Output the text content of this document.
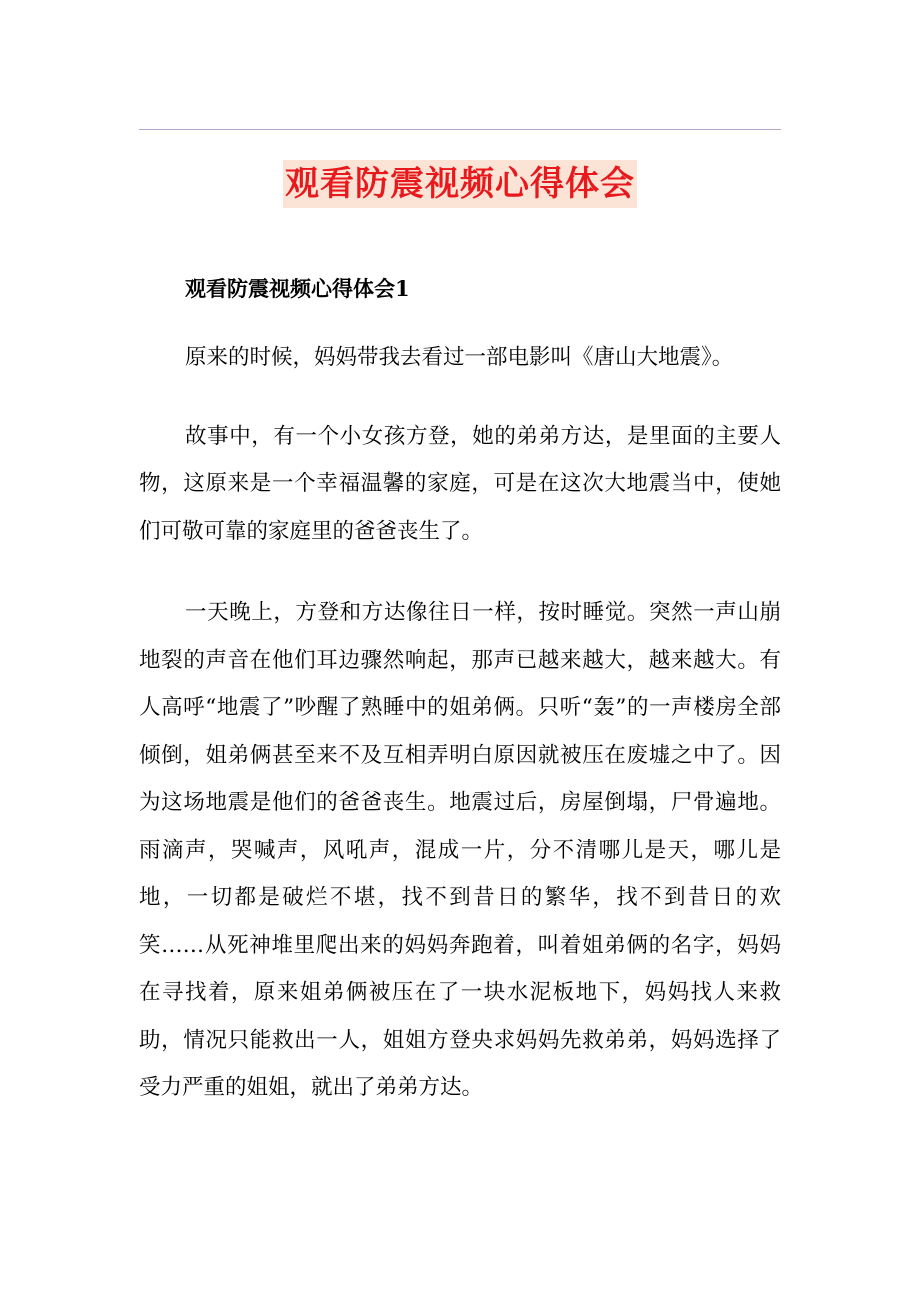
观看防震视频心得体会

观看防震视频心得体会1

原来的时候，妈妈带我去看过一部电影叫《唐山大地震》。

故事中，有一个小女孩方登，她的弟弟方达，是里面的主要人物，这原来是一个幸福温馨的家庭，可是在这次大地震当中，使她们可敬可靠的家庭里的爸爸丧生了。

一天晚上，方登和方达像往日一样，按时睡觉。突然一声山崩地裂的声音在他们耳边骤然响起，那声已越来越大，越来越大。有人高呼“地震了”吵醒了熟睡中的姐弟俩。只听“轰”的一声楼房全部倾倒，姐弟俩甚至来不及互相弄明白原因就被压在废墟之中了。因为这场地震是他们的爸爸丧生。地震过后，房屋倒塌，尸骨遍地。雨滴声，哭喊声，风吼声，混成一片，分不清哪儿是天，哪儿是地，一切都是破烂不堪，找不到昔日的繁华，找不到昔日的欢笑……从死神堆里爬出来的妈妈奔跑着，叫着姐弟俩的名字，妈妈在寻找着，原来姐弟俩被压在了一块水泥板地下，妈妈找人来救助，情况只能救出一人，姐姐方登央求妈妈先救弟弟，妈妈选择了受力严重的姐姐，就出了弟弟方达。
